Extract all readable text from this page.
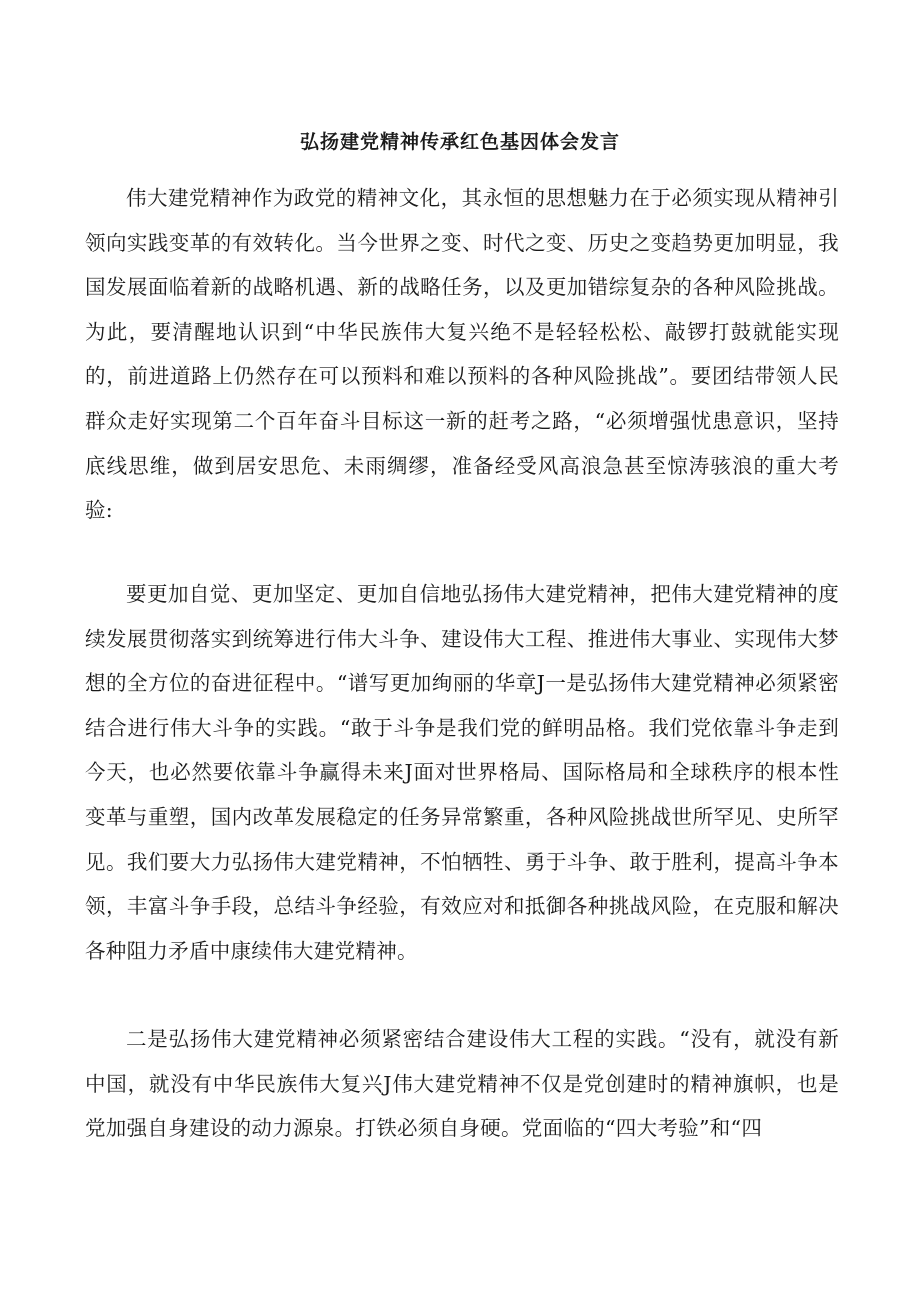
弘扬建党精神传承红色基因体会发言

伟大建党精神作为政党的精神文化，其永恒的思想魅力在于必须实现从精神引领向实践变革的有效转化。当今世界之变、时代之变、历史之变趋势更加明显，我国发展面临着新的战略机遇、新的战略任务，以及更加错综复杂的各种风险挑战。为此，要清醒地认识到“中华民族伟大复兴绝不是轻轻松松、敲锣打鼓就能实现的，前进道路上仍然存在可以预料和难以预料的各种风险挑战”。要团结带领人民群众走好实现第二个百年奋斗目标这一新的赶考之路，“必须增强忧患意识，坚持底线思维，做到居安思危、未雨绸缪，准备经受风高浪急甚至惊涛骇浪的重大考验:

要更加自觉、更加坚定、更加自信地弘扬伟大建党精神，把伟大建党精神的度续发展贯彻落实到统筹进行伟大斗争、建设伟大工程、推进伟大事业、实现伟大梦想的全方位的奋进征程中。“谱写更加绚丽的华章J一是弘扬伟大建党精神必须紧密结合进行伟大斗争的实践。“敢于斗争是我们党的鲜明品格。我们党依靠斗争走到今天，也必然要依靠斗争赢得未来J面对世界格局、国际格局和全球秩序的根本性变革与重塑，国内改革发展稳定的任务异常繁重，各种风险挑战世所罕见、史所罕见。我们要大力弘扬伟大建党精神，不怕牺牲、勇于斗争、敢于胜利，提高斗争本领，丰富斗争手段，总结斗争经验，有效应对和抵御各种挑战风险，在克服和解决各种阻力矛盾中康续伟大建党精神。

二是弘扬伟大建党精神必须紧密结合建设伟大工程的实践。“没有，就没有新中国，就没有中华民族伟大复兴J伟大建党精神不仅是党创建时的精神旗帜，也是党加强自身建设的动力源泉。打铁必须自身硬。党面临的“四大考验”和“四
